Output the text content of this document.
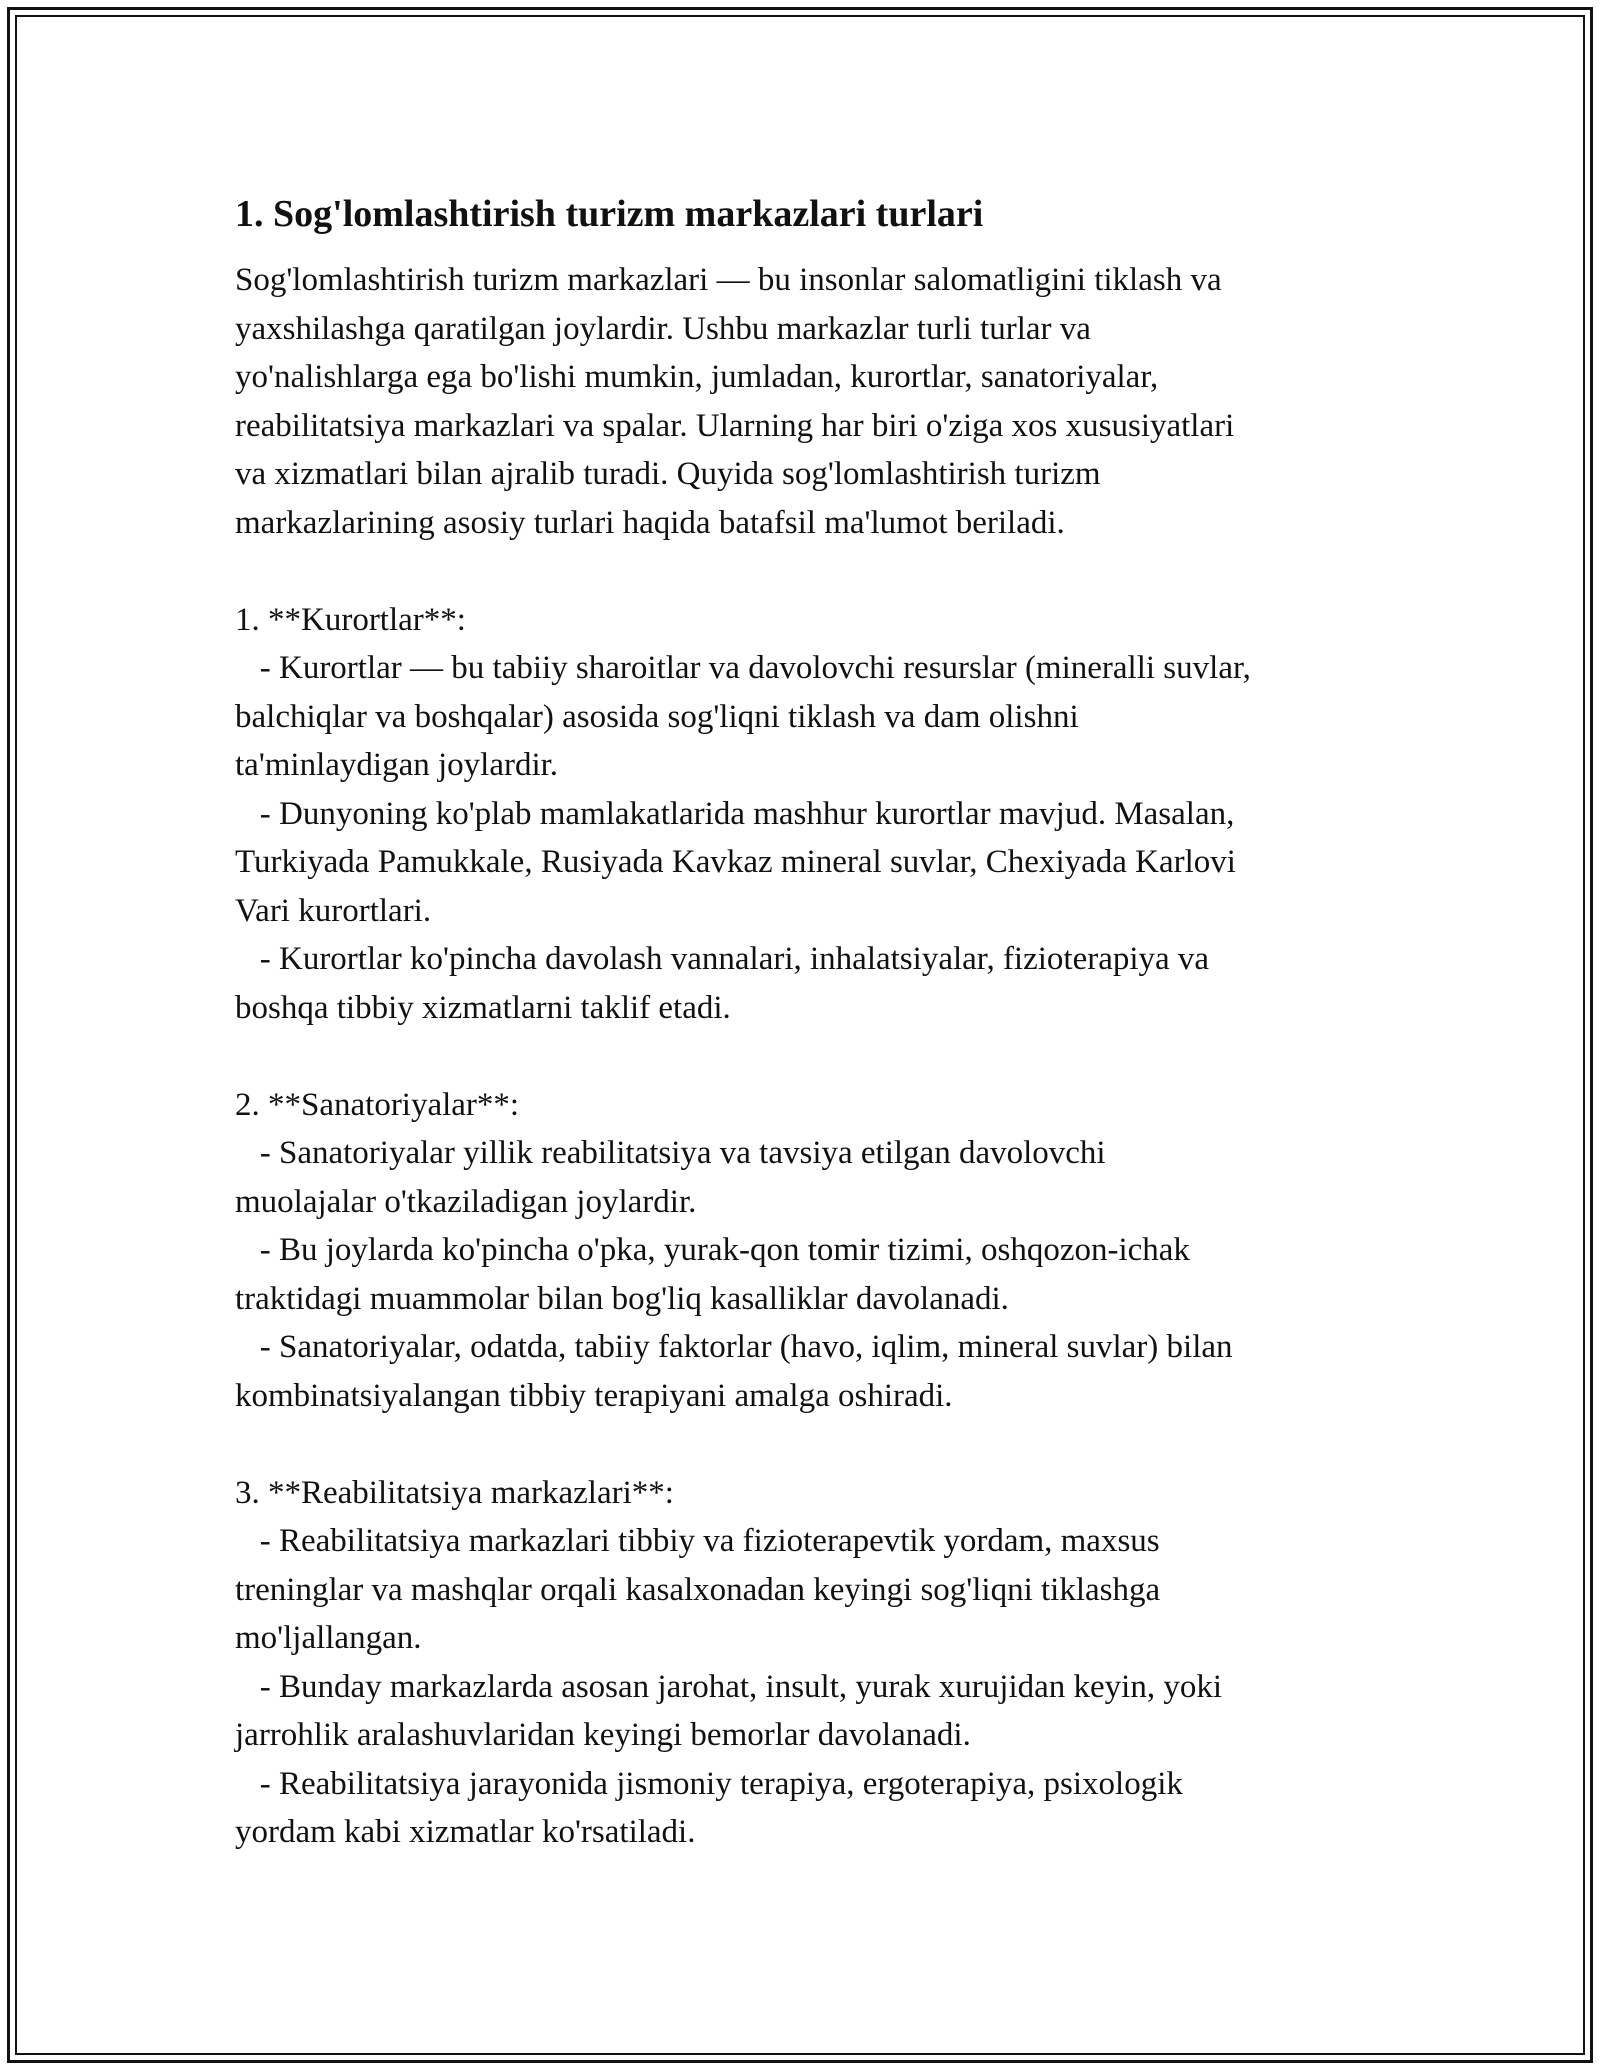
1. Sog'lomlashtirish turizm markazlari turlari
Sog'lomlashtirish turizm markazlari — bu insonlar salomatligini tiklash va
yaxshilashga qaratilgan joylardir. Ushbu markazlar turli turlar va
yo'nalishlarga ega bo'lishi mumkin, jumladan, kurortlar, sanatoriyalar,
reabilitatsiya markazlari va spalar. Ularning har biri o'ziga xos xususiyatlari
va xizmatlari bilan ajralib turadi. Quyida sog'lomlashtirish turizm
markazlarining asosiy turlari haqida batafsil ma'lumot beriladi.

1. **Kurortlar**:
- Kurortlar — bu tabiiy sharoitlar va davolovchi resurslar (mineralli suvlar,
balchiqlar va boshqalar) asosida sog'liqni tiklash va dam olishni
ta'minlaydigan joylardir.
- Dunyoning ko'plab mamlakatlarida mashhur kurortlar mavjud. Masalan,
Turkiyada Pamukkale, Rusiyada Kavkaz mineral suvlar, Chexiyada Karlovi
Vari kurortlari.
- Kurortlar ko'pincha davolash vannalari, inhalatsiyalar, fizioterapiya va
boshqa tibbiy xizmatlarni taklif etadi.

2. **Sanatoriyalar**:
- Sanatoriyalar yillik reabilitatsiya va tavsiya etilgan davolovchi
muolajalar o'tkaziladigan joylardir.
- Bu joylarda ko'pincha o'pka, yurak-qon tomir tizimi, oshqozon-ichak
traktidagi muammolar bilan bog'liq kasalliklar davolanadi.
- Sanatoriyalar, odatda, tabiiy faktorlar (havo, iqlim, mineral suvlar) bilan
kombinatsiyalangan tibbiy terapiyani amalga oshiradi.

3. **Reabilitatsiya markazlari**:
- Reabilitatsiya markazlari tibbiy va fizioterapevtik yordam, maxsus
treninglar va mashqlar orqali kasalxonadan keyingi sog'liqni tiklashga
mo'ljallangan.
- Bunday markazlarda asosan jarohat, insult, yurak xurujidan keyin, yoki
jarrohlik aralashuvlaridan keyingi bemorlar davolanadi.
- Reabilitatsiya jarayonida jismoniy terapiya, ergoterapiya, psixologik
yordam kabi xizmatlar ko'rsatiladi.
